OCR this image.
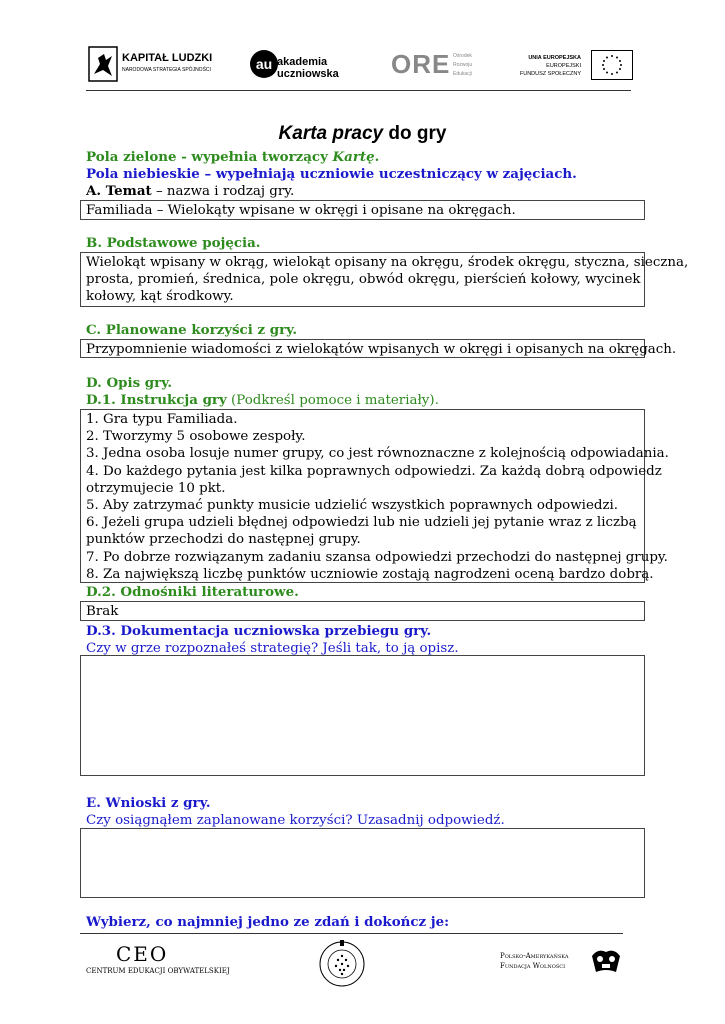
KAPITAŁ LUDZKI
NARODOWA STRATEGIA SPÓJNOŚCI	au akademia
uczniowska ORE Ośrodek
Rozwoju
Edukacji
UNIA EUROPEJSKA
EUROPEJSKI
FUNDUSZ SPOŁECZNY
Karta pracy do gry
Pola zielone - wypełnia tworzący Kartę.
Pola niebieskie – wypełniają uczniowie uczestniczący w zajęciach.
A. Temat – nazwa i rodzaj gry.
Familiada – Wielokąty wpisane w okręgi i opisane na okręgach.
B. Podstawowe pojęcia.
Wielokąt wpisany w okrąg, wielokąt opisany na okręgu, środek okręgu, styczna, sieczna,
prosta, promień, średnica, pole okręgu, obwód okręgu, pierścień kołowy, wycinek
kołowy, kąt środkowy.
C. Planowane korzyści z gry.
Przypomnienie wiadomości z wielokątów wpisanych w okręgi i opisanych na okręgach.
D. Opis gry.
D.1. Instrukcja gry (Podkreśl pomoce i materiały).
1. Gra typu Familiada.
2. Tworzymy 5 osobowe zespoły.
3. Jedna osoba losuje numer grupy, co jest równoznaczne z kolejnością odpowiadania.
4. Do każdego pytania jest kilka poprawnych odpowiedzi. Za każdą dobrą odpowiedz
otrzymujecie 10 pkt.
5. Aby zatrzymać punkty musicie udzielić wszystkich poprawnych odpowiedzi.
6. Jeżeli grupa udzieli błędnej odpowiedzi lub nie udzieli jej pytanie wraz z liczbą
punktów przechodzi do następnej grupy.
7. Po dobrze rozwiązanym zadaniu szansa odpowiedzi przechodzi do następnej grupy.
8. Za największą liczbę punktów uczniowie zostają nagrodzeni oceną bardzo dobrą.
D.2. Odnośniki literaturowe.
Brak
D.3. Dokumentacja uczniowska przebiegu gry.
Czy w grze rozpoznałeś strategię? Jeśli tak, to ją opisz.
E. Wnioski z gry.
Czy osiągnąłem zaplanowane korzyści? Uzasadnij odpowiedź.
Wybierz, co najmniej jedno ze zdań i dokończ je:
CEO
CENTRUM EDUKACJI OBYWATELSKIEJ
Polsko-Amerykańska
Fundacja Wolności
